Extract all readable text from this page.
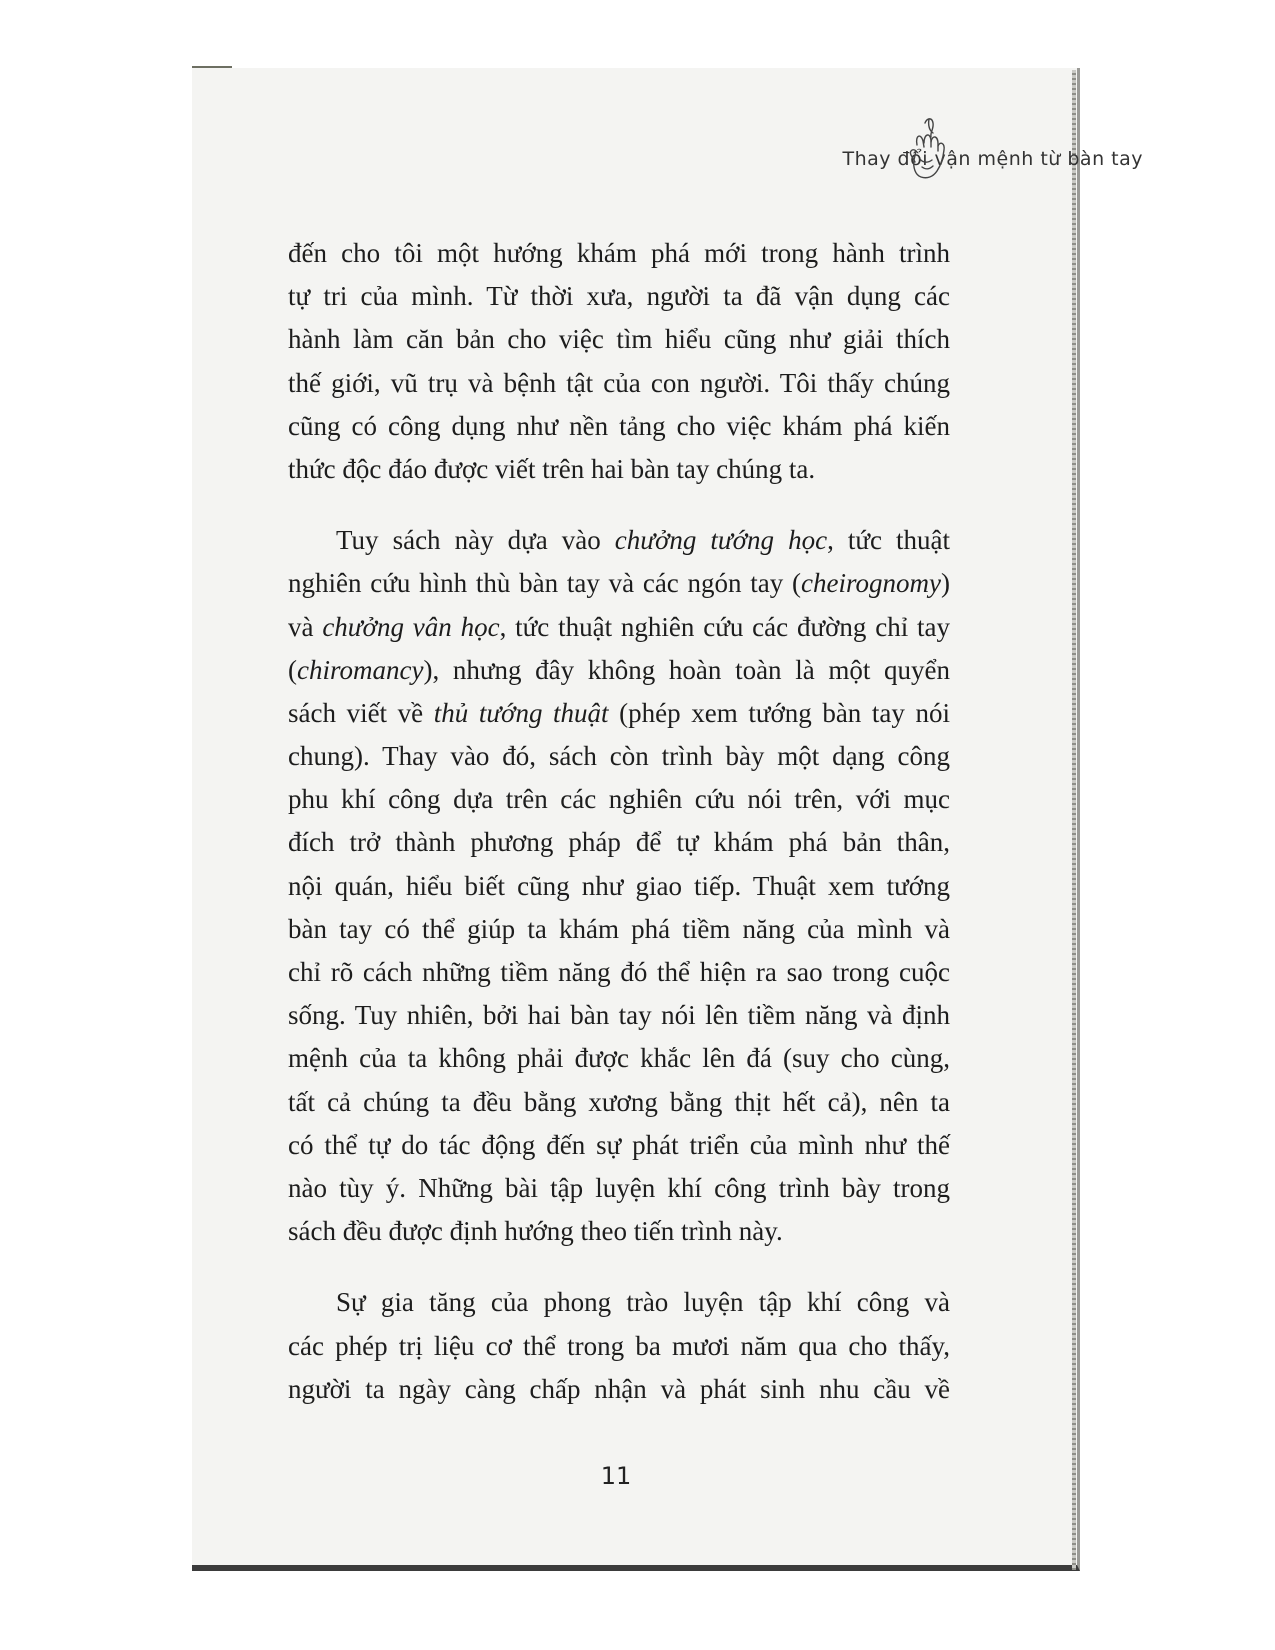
Thay đổi vận mệnh từ bàn tay
đến cho tôi một hướng khám phá mới trong hành trình
tự tri của mình. Từ thời xưa, người ta đã vận dụng các
hành làm căn bản cho việc tìm hiểu cũng như giải thích
thế giới, vũ trụ và bệnh tật của con người. Tôi thấy chúng
cũng có công dụng như nền tảng cho việc khám phá kiến
thức độc đáo được viết trên hai bàn tay chúng ta.
Tuy sách này dựa vào chưởng tướng học, tức thuật
nghiên cứu hình thù bàn tay và các ngón tay (cheirognomy)
và chưởng vân học, tức thuật nghiên cứu các đường chỉ tay
(chiromancy), nhưng đây không hoàn toàn là một quyển
sách viết về thủ tướng thuật (phép xem tướng bàn tay nói
chung). Thay vào đó, sách còn trình bày một dạng công
phu khí công dựa trên các nghiên cứu nói trên, với mục
đích trở thành phương pháp để tự khám phá bản thân,
nội quán, hiểu biết cũng như giao tiếp. Thuật xem tướng
bàn tay có thể giúp ta khám phá tiềm năng của mình và
chỉ rõ cách những tiềm năng đó thể hiện ra sao trong cuộc
sống. Tuy nhiên, bởi hai bàn tay nói lên tiềm năng và định
mệnh của ta không phải được khắc lên đá (suy cho cùng,
tất cả chúng ta đều bằng xương bằng thịt hết cả), nên ta
có thể tự do tác động đến sự phát triển của mình như thế
nào tùy ý. Những bài tập luyện khí công trình bày trong
sách đều được định hướng theo tiến trình này.
Sự gia tăng của phong trào luyện tập khí công và
các phép trị liệu cơ thể trong ba mươi năm qua cho thấy,
người ta ngày càng chấp nhận và phát sinh nhu cầu về
11
